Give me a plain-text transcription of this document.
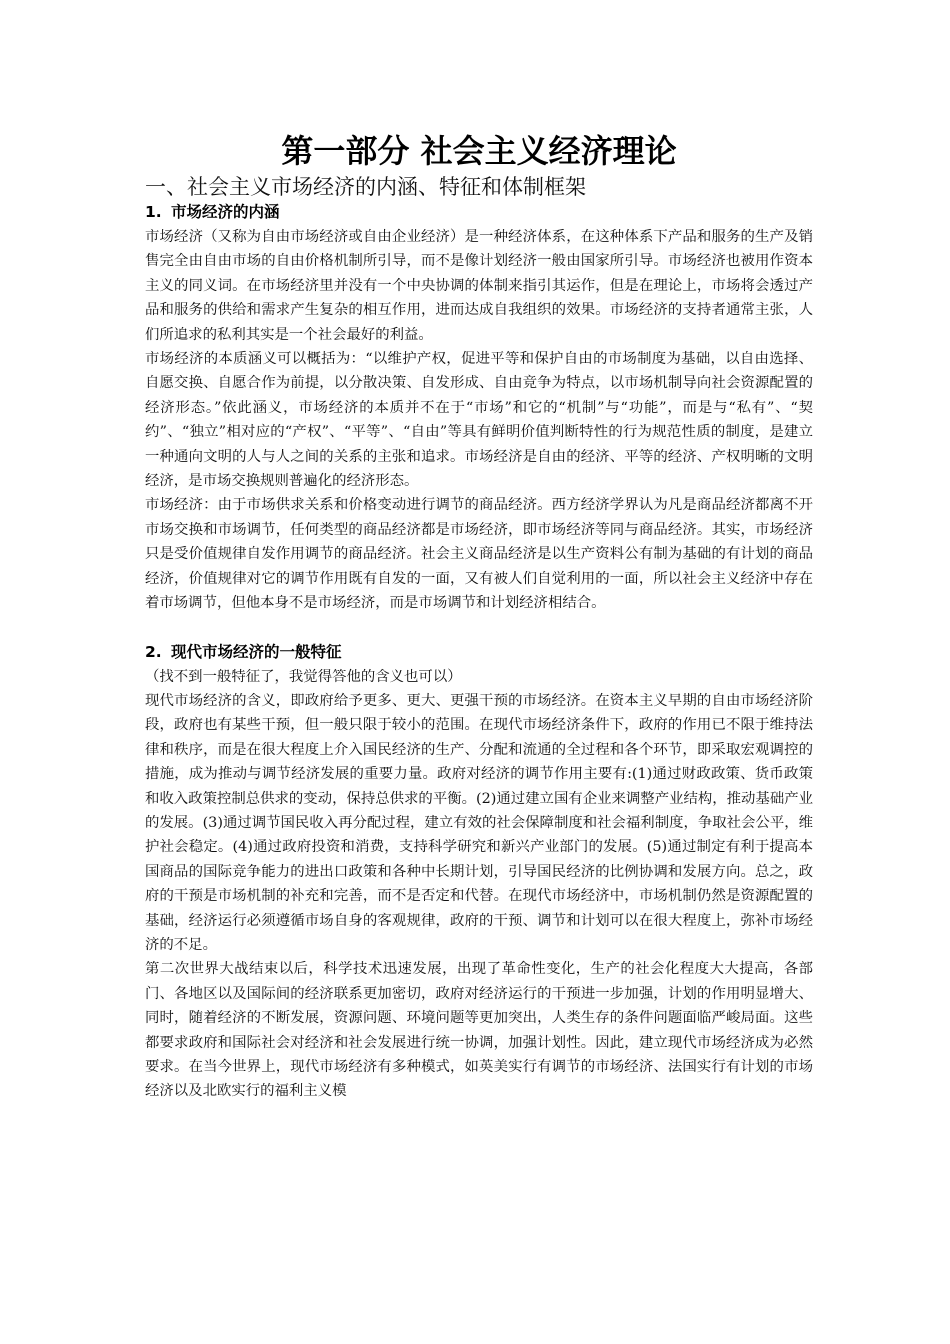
第一部分 社会主义经济理论
一、社会主义市场经济的内涵、特征和体制框架
1. 市场经济的内涵

市场经济（又称为自由市场经济或自由企业经济）是一种经济体系，在这种体系下产品和服务的生产及销售完全由自由市场的自由价格机制所引导，而不是像计划经济一般由国家所引导。市场经济也被用作资本主义的同义词。在市场经济里并没有一个中央协调的体制来指引其运作，但是在理论上，市场将会透过产品和服务的供给和需求产生复杂的相互作用，进而达成自我组织的效果。市场经济的支持者通常主张，人们所追求的私利其实是一个社会最好的利益。

市场经济的本质涵义可以概括为：“以维护产权，促进平等和保护自由的市场制度为基础，以自由选择、自愿交换、自愿合作为前提，以分散决策、自发形成、自由竞争为特点，以市场机制导向社会资源配置的经济形态。”依此涵义，市场经济的本质并不在于“市场”和它的“机制”与“功能”，而是与“私有”、“契约”、“独立”相对应的“产权”、“平等”、“自由”等具有鲜明价值判断特性的行为规范性质的制度，是建立一种通向文明的人与人之间的关系的主张和追求。市场经济是自由的经济、平等的经济、产权明晰的文明经济，是市场交换规则普遍化的经济形态。

市场经济：由于市场供求关系和价格变动进行调节的商品经济。西方经济学界认为凡是商品经济都离不开市场交换和市场调节，任何类型的商品经济都是市场经济，即市场经济等同与商品经济。其实，市场经济只是受价值规律自发作用调节的商品经济。社会主义商品经济是以生产资料公有制为基础的有计划的商品经济，价值规律对它的调节作用既有自发的一面，又有被人们自觉利用的一面，所以社会主义经济中存在着市场调节，但他本身不是市场经济，而是市场调节和计划经济相结合。

2. 现代市场经济的一般特征

（找不到一般特征了，我觉得答他的含义也可以）

现代市场经济的含义，即政府给予更多、更大、更强干预的市场经济。在资本主义早期的自由市场经济阶段，政府也有某些干预，但一般只限于较小的范围。在现代市场经济条件下，政府的作用已不限于维持法律和秩序，而是在很大程度上介入国民经济的生产、分配和流通的全过程和各个环节，即采取宏观调控的措施，成为推动与调节经济发展的重要力量。政府对经济的调节作用主要有:(1)通过财政政策、货币政策和收入政策控制总供求的变动，保持总供求的平衡。(2)通过建立国有企业来调整产业结构，推动基础产业的发展。(3)通过调节国民收入再分配过程，建立有效的社会保障制度和社会福利制度，争取社会公平，维护社会稳定。(4)通过政府投资和消费，支持科学研究和新兴产业部门的发展。(5)通过制定有利于提高本国商品的国际竞争能力的进出口政策和各种中长期计划，引导国民经济的比例协调和发展方向。总之，政府的干预是市场机制的补充和完善，而不是否定和代替。在现代市场经济中，市场机制仍然是资源配置的基础，经济运行必须遵循市场自身的客观规律，政府的干预、调节和计划可以在很大程度上，弥补市场经济的不足。

第二次世界大战结束以后，科学技术迅速发展，出现了革命性变化，生产的社会化程度大大提高，各部门、各地区以及国际间的经济联系更加密切，政府对经济运行的干预进一步加强，计划的作用明显增大、同时，随着经济的不断发展，资源问题、环境问题等更加突出，人类生存的条件问题面临严峻局面。这些都要求政府和国际社会对经济和社会发展进行统一协调，加强计划性。因此，建立现代市场经济成为必然要求。在当今世界上，现代市场经济有多种模式，如英美实行有调节的市场经济、法国实行有计划的市场经济以及北欧实行的福利主义模
